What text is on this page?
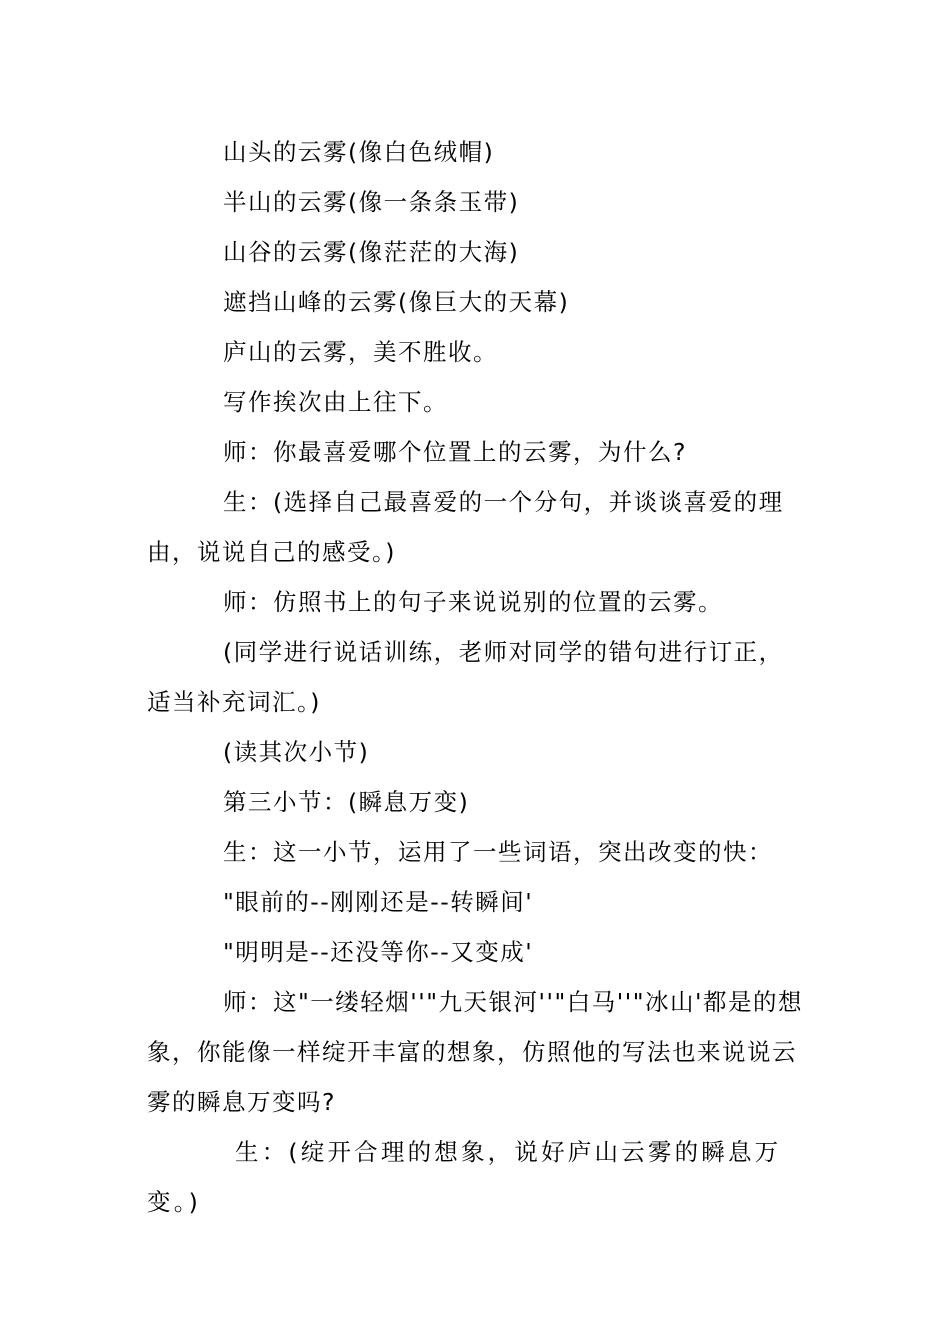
山头的云雾(像白色绒帽)

半山的云雾(像一条条玉带)

山谷的云雾(像茫茫的大海)

遮挡山峰的云雾(像巨大的天幕)

庐山的云雾，美不胜收。

写作挨次由上往下。

师：你最喜爱哪个位置上的云雾，为什么?

生：(选择自己最喜爱的一个分句，并谈谈喜爱的理由，说说自己的感受。)

师：仿照书上的句子来说说别的位置的云雾。

(同学进行说话训练，老师对同学的错句进行订正，适当补充词汇。)

(读其次小节)

第三小节：(瞬息万变)

生：这一小节，运用了一些词语，突出改变的快：

"眼前的--刚刚还是--转瞬间'

"明明是--还没等你--又变成'

师：这"一缕轻烟''"九天银河''"白马''"冰山'都是的想象，你能像一样绽开丰富的想象，仿照他的写法也来说说云雾的瞬息万变吗?

生：(绽开合理的想象，说好庐山云雾的瞬息万变。)
